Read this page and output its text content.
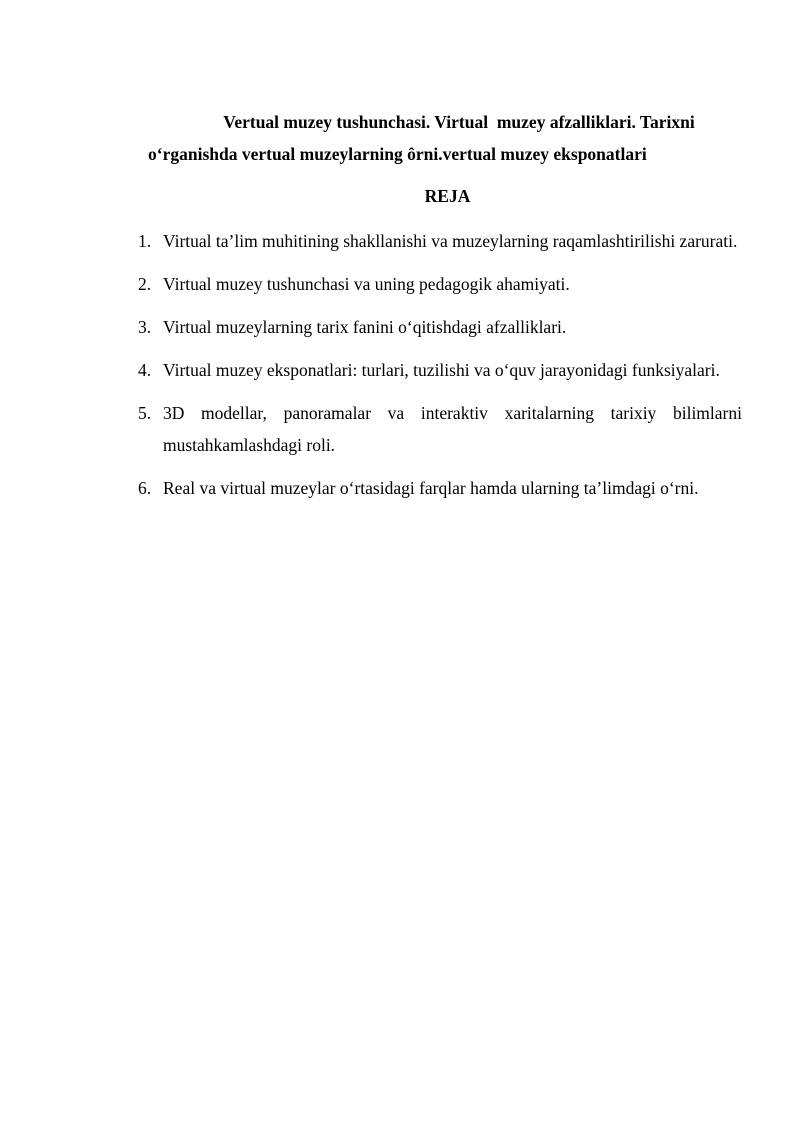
Vertual muzey tushunchasi. Virtual  muzey afzalliklari. Tarixni
o‘rganishda vertual muzeylarning ôrni.vertual muzey eksponatlari
REJA
1. Virtual ta’lim muhitining shakllanishi va muzeylarning raqamlashtirilishi zarurati.
2. Virtual muzey tushunchasi va uning pedagogik ahamiyati.
3. Virtual muzeylarning tarix fanini o‘qitishdagi afzalliklari.
4. Virtual muzey eksponatlari: turlari, tuzilishi va o‘quv jarayonidagi funksiyalari.
5. 3D modellar, panoramalar va interaktiv xaritalarning tarixiy bilimlarni mustahkamlashdagi roli.
6. Real va virtual muzeylar o‘rtasidagi farqlar hamda ularning ta’limdagi o‘rni.
